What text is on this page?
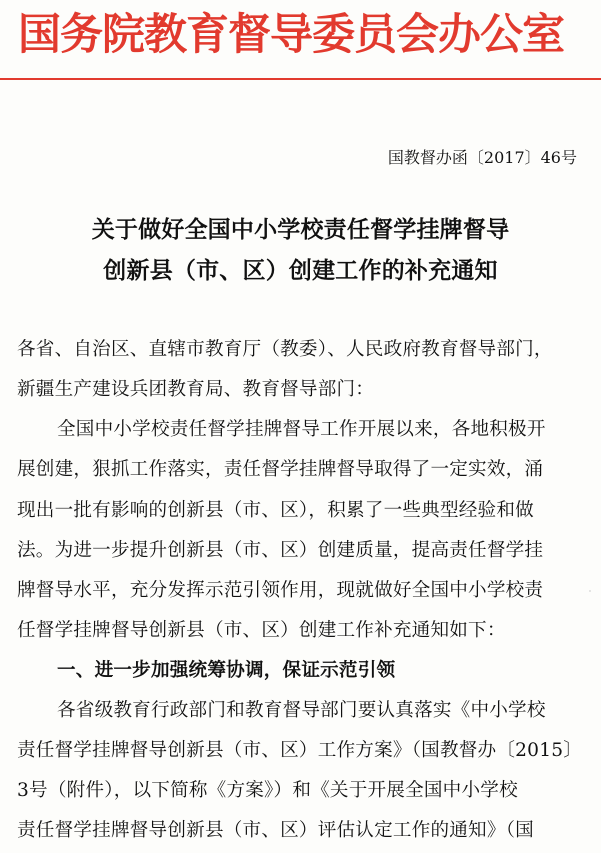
国务院教育督导委员会办公室
国教督办函〔2017〕46号
关于做好全国中小学校责任督学挂牌督导
创新县（市、区）创建工作的补充通知
各省、自治区、直辖市教育厅（教委）、人民政府教育督导部门，
新疆生产建设兵团教育局、教育督导部门：
全国中小学校责任督学挂牌督导工作开展以来，各地积极开
展创建，狠抓工作落实，责任督学挂牌督导取得了一定实效，涌
现出一批有影响的创新县（市、区），积累了一些典型经验和做
法。为进一步提升创新县（市、区）创建质量，提高责任督学挂
牌督导水平，充分发挥示范引领作用，现就做好全国中小学校责
任督学挂牌督导创新县（市、区）创建工作补充通知如下：
一、进一步加强统筹协调，保证示范引领
各省级教育行政部门和教育督导部门要认真落实《中小学校
责任督学挂牌督导创新县（市、区）工作方案》（国教督办〔2015〕
3号（附件），以下简称《方案》）和《关于开展全国中小学校
责任督学挂牌督导创新县（市、区）评估认定工作的通知》（国
